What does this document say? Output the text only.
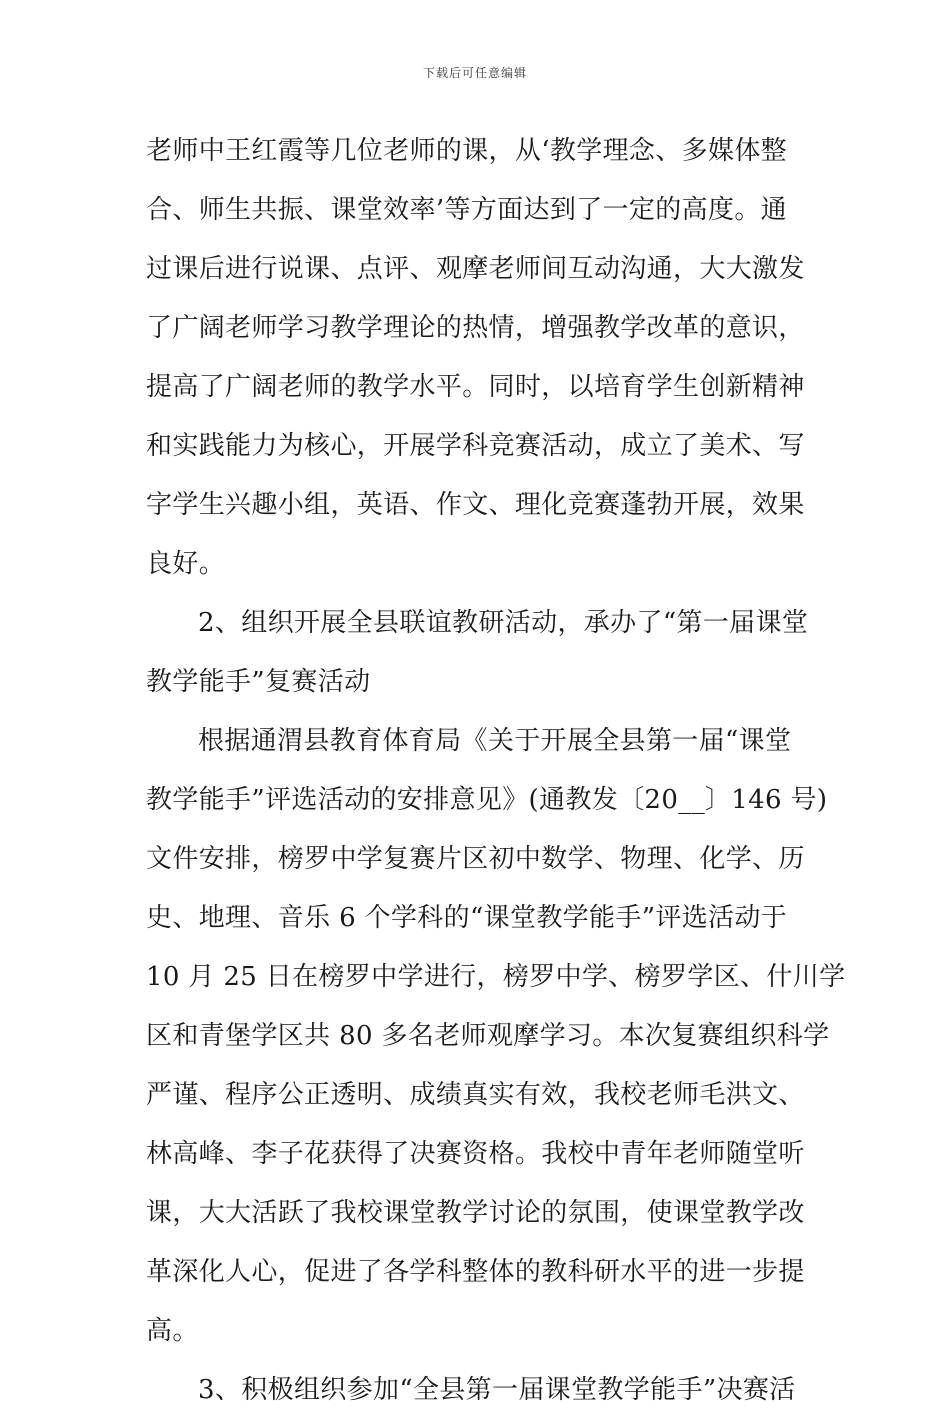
下载后可任意编辑
老师中王红霞等几位老师的课，从‘教学理念、多媒体整
合、师生共振、课堂效率’等方面达到了一定的高度。通
过课后进行说课、点评、观摩老师间互动沟通，大大激发
了广阔老师学习教学理论的热情，增强教学改革的意识，
提高了广阔老师的教学水平。同时，以培育学生创新精神
和实践能力为核心，开展学科竞赛活动，成立了美术、写
字学生兴趣小组，英语、作文、理化竞赛蓬勃开展，效果
良好。
2、组织开展全县联谊教研活动，承办了“第一届课堂
教学能手”复赛活动
根据通渭县教育体育局《关于开展全县第一届“课堂
教学能手”评选活动的安排意见》(通教发〔20__〕146 号)
文件安排，榜罗中学复赛片区初中数学、物理、化学、历
史、地理、音乐 6 个学科的“课堂教学能手”评选活动于
10 月 25 日在榜罗中学进行，榜罗中学、榜罗学区、什川学
区和青堡学区共 80 多名老师观摩学习。本次复赛组织科学
严谨、程序公正透明、成绩真实有效，我校老师毛洪文、
林高峰、李子花获得了决赛资格。我校中青年老师随堂听
课，大大活跃了我校课堂教学讨论的氛围，使课堂教学改
革深化人心，促进了各学科整体的教科研水平的进一步提
高。
3、积极组织参加“全县第一届课堂教学能手”决赛活
